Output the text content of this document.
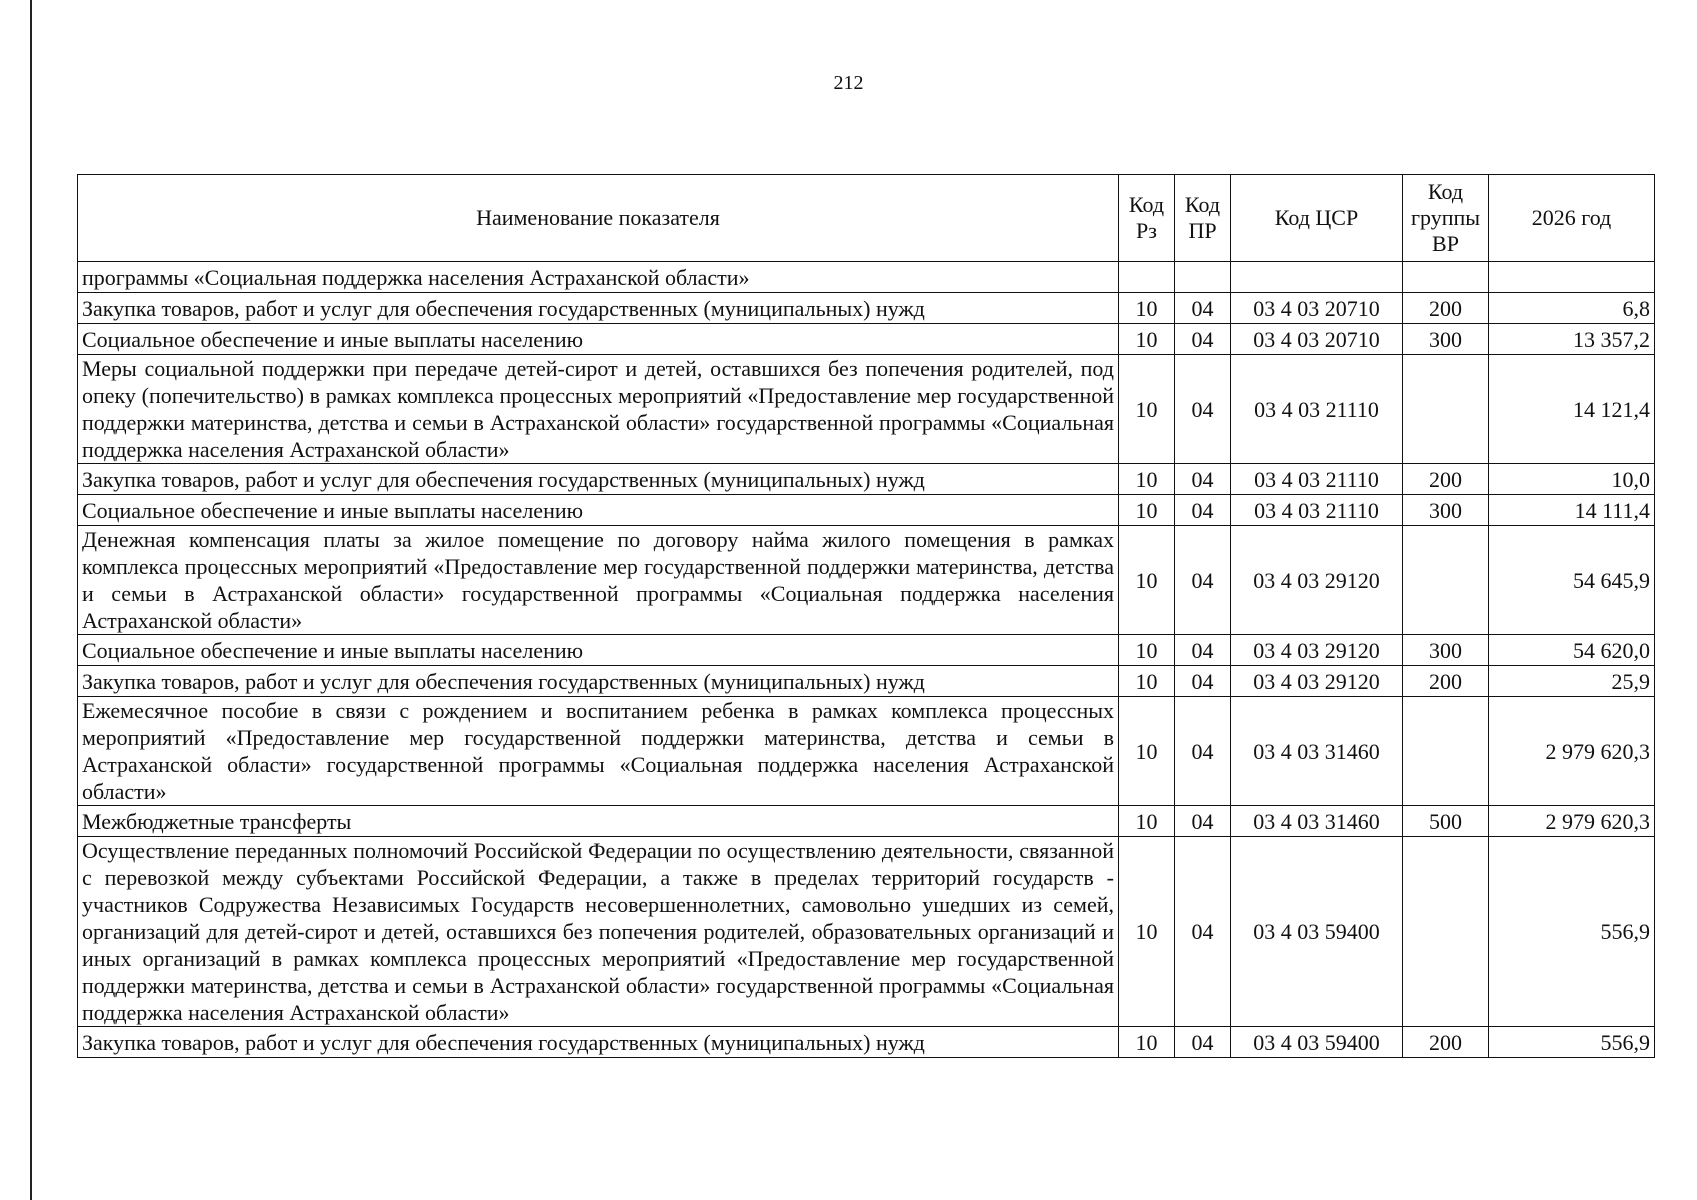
212
Наименование показателя	Код Рз	Код ПР	Код ЦСР	Код группы ВР	2026 год
программы «Социальная поддержка населения Астраханской области»					
Закупка товаров, работ и услуг для обеспечения государственных (муниципальных) нужд	10	04	03 4 03 20710	200	6,8
Социальное обеспечение и иные выплаты населению	10	04	03 4 03 20710	300	13 357,2
Меры социальной поддержки при передаче детей-сирот и детей, оставшихся без попечения родителей, под опеку (попечительство) в рамках комплекса процессных мероприятий «Предоставление мер государственной поддержки материнства, детства и семьи в Астраханской области» государственной программы «Социальная поддержка населения Астраханской области»	10	04	03 4 03 21110		14 121,4
Закупка товаров, работ и услуг для обеспечения государственных (муниципальных) нужд	10	04	03 4 03 21110	200	10,0
Социальное обеспечение и иные выплаты населению	10	04	03 4 03 21110	300	14 111,4
Денежная компенсация платы за жилое помещение по договору найма жилого помещения в рамках комплекса процессных мероприятий «Предоставление мер государственной поддержки материнства, детства и семьи в Астраханской области» государственной программы «Социальная поддержка населения Астраханской области»	10	04	03 4 03 29120		54 645,9
Социальное обеспечение и иные выплаты населению	10	04	03 4 03 29120	300	54 620,0
Закупка товаров, работ и услуг для обеспечения государственных (муниципальных) нужд	10	04	03 4 03 29120	200	25,9
Ежемесячное пособие в связи с рождением и воспитанием ребенка в рамках комплекса процессных мероприятий «Предоставление мер государственной поддержки материнства, детства и семьи в Астраханской области» государственной программы «Социальная поддержка населения Астраханской области»	10	04	03 4 03 31460		2 979 620,3
Межбюджетные трансферты	10	04	03 4 03 31460	500	2 979 620,3
Осуществление переданных полномочий Российской Федерации по осуществлению деятельности, связанной с перевозкой между субъектами Российской Федерации, а также в пределах территорий государств - участников Содружества Независимых Государств несовершеннолетних, самовольно ушедших из семей, организаций для детей-сирот и детей, оставшихся без попечения родителей, образовательных организаций и иных организаций в рамках комплекса процессных мероприятий «Предоставление мер государственной поддержки материнства, детства и семьи в Астраханской области» государственной программы «Социальная поддержка населения Астраханской области»	10	04	03 4 03 59400		556,9
Закупка товаров, работ и услуг для обеспечения государственных (муниципальных) нужд	10	04	03 4 03 59400	200	556,9
